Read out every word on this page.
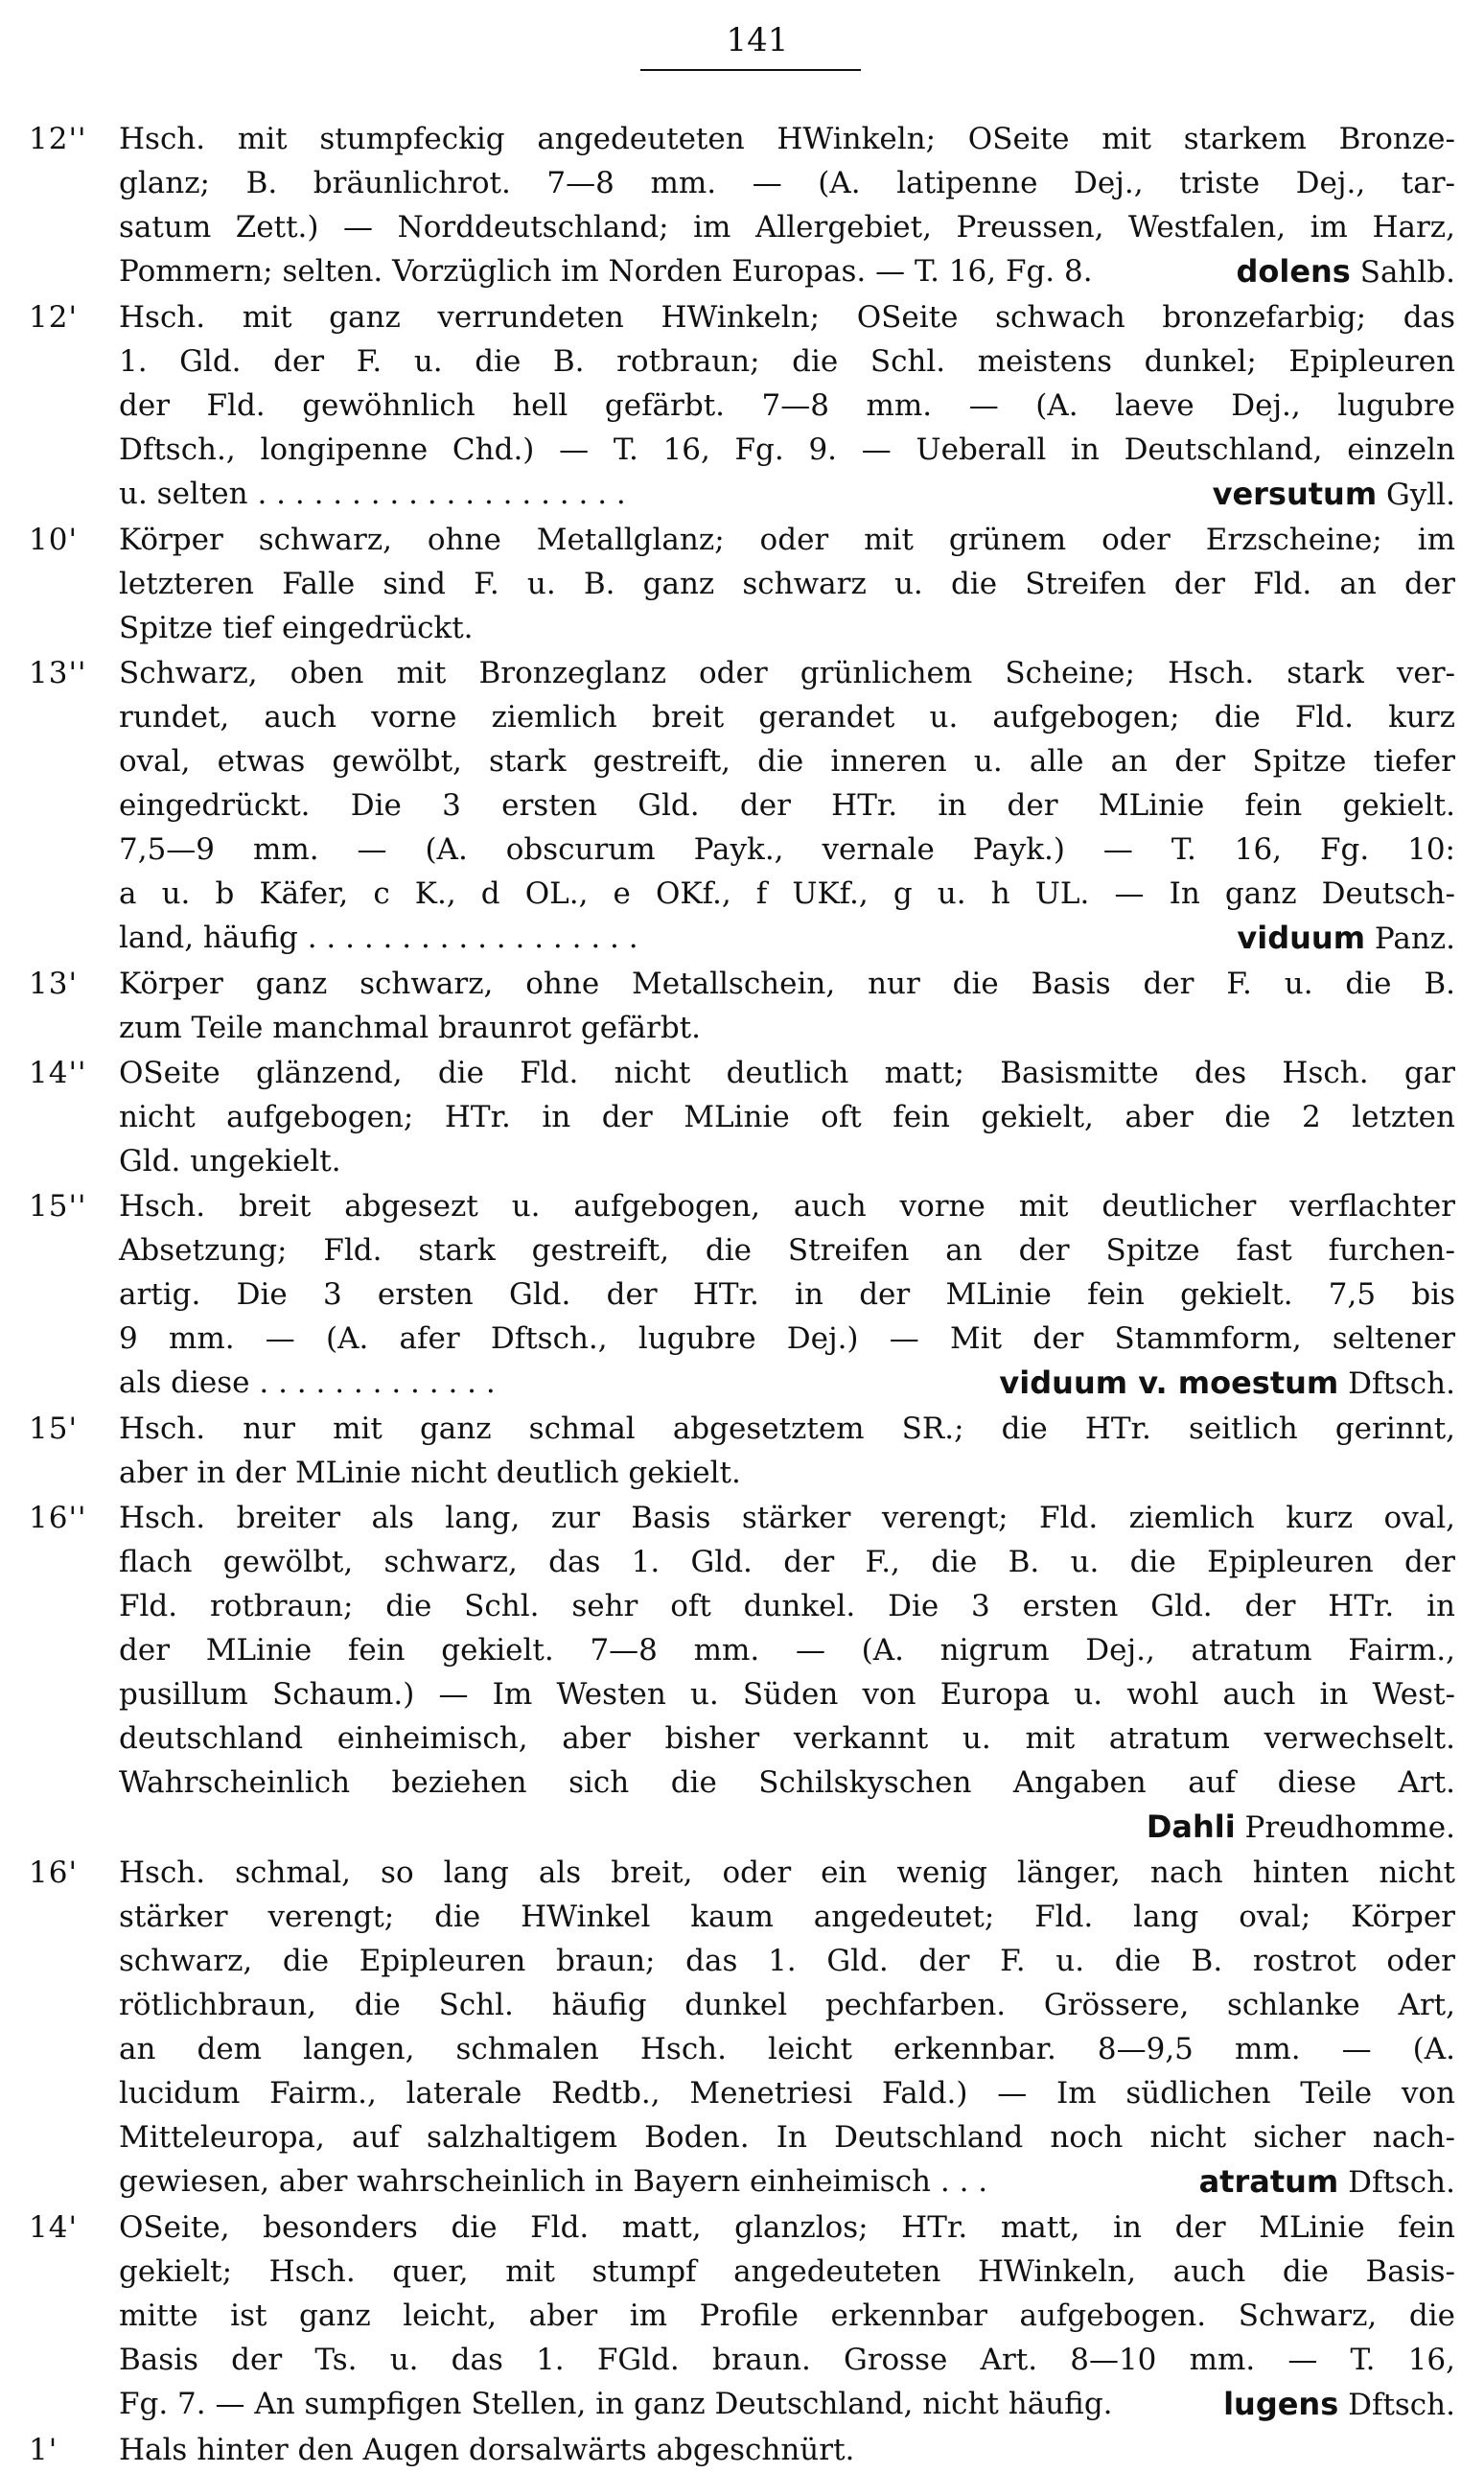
141
12''	Hsch. mit stumpfeckig angedeuteten HWinkeln; OSeite mit starkem Bronze-
glanz; B. bräunlichrot. 7—8 mm. — (A. latipenne Dej., triste Dej., tar-
satum Zett.) — Norddeutschland; im Allergebiet, Preussen, Westfalen, im Harz,
Pommern; selten. Vorzüglich im Norden Europas. — T. 16, Fg. 8.	dolens Sahlb.
12'	Hsch. mit ganz verrundeten HWinkeln; OSeite schwach bronzefarbig; das
1. Gld. der F. u. die B. rotbraun; die Schl. meistens dunkel; Epipleuren
der Fld. gewöhnlich hell gefärbt. 7—8 mm. — (A. laeve Dej., lugubre
Dftsch., longipenne Chd.) — T. 16, Fg. 9. — Ueberall in Deutschland, einzeln
u. selten . . . . . . . . . . . . . . . . . . . .	versutum Gyll.
10'	Körper schwarz, ohne Metallglanz; oder mit grünem oder Erzscheine; im
letzteren Falle sind F. u. B. ganz schwarz u. die Streifen der Fld. an der
Spitze tief eingedrückt.
13''	Schwarz, oben mit Bronzeglanz oder grünlichem Scheine; Hsch. stark ver-
rundet, auch vorne ziemlich breit gerandet u. aufgebogen; die Fld. kurz
oval, etwas gewölbt, stark gestreift, die inneren u. alle an der Spitze tiefer
eingedrückt. Die 3 ersten Gld. der HTr. in der MLinie fein gekielt.
7,5—9 mm. — (A. obscurum Payk., vernale Payk.) — T. 16, Fg. 10:
a u. b Käfer, c K., d OL., e OKf., f UKf., g u. h UL. — In ganz Deutsch-
land, häufig . . . . . . . . . . . . . . . . . .	viduum Panz.
13'	Körper ganz schwarz, ohne Metallschein, nur die Basis der F. u. die B.
zum Teile manchmal braunrot gefärbt.
14''	OSeite glänzend, die Fld. nicht deutlich matt; Basismitte des Hsch. gar
nicht aufgebogen; HTr. in der MLinie oft fein gekielt, aber die 2 letzten
Gld. ungekielt.
15''	Hsch. breit abgesezt u. aufgebogen, auch vorne mit deutlicher verflachter
Absetzung; Fld. stark gestreift, die Streifen an der Spitze fast furchen-
artig. Die 3 ersten Gld. der HTr. in der MLinie fein gekielt. 7,5 bis
9 mm. — (A. afer Dftsch., lugubre Dej.) — Mit der Stammform, seltener
als diese . . . . . . . . . . . . .	viduum v. moestum Dftsch.
15'	Hsch. nur mit ganz schmal abgesetztem SR.; die HTr. seitlich gerinnt,
aber in der MLinie nicht deutlich gekielt.
16''	Hsch. breiter als lang, zur Basis stärker verengt; Fld. ziemlich kurz oval,
flach gewölbt, schwarz, das 1. Gld. der F., die B. u. die Epipleuren der
Fld. rotbraun; die Schl. sehr oft dunkel. Die 3 ersten Gld. der HTr. in
der MLinie fein gekielt. 7—8 mm. — (A. nigrum Dej., atratum Fairm.,
pusillum Schaum.) — Im Westen u. Süden von Europa u. wohl auch in West-
deutschland einheimisch, aber bisher verkannt u. mit atratum verwechselt.
Wahrscheinlich beziehen sich die Schilskyschen Angaben auf diese Art.
Dahli Preudhomme.
16'	Hsch. schmal, so lang als breit, oder ein wenig länger, nach hinten nicht
stärker verengt; die HWinkel kaum angedeutet; Fld. lang oval; Körper
schwarz, die Epipleuren braun; das 1. Gld. der F. u. die B. rostrot oder
rötlichbraun, die Schl. häufig dunkel pechfarben. Grössere, schlanke Art,
an dem langen, schmalen Hsch. leicht erkennbar. 8—9,5 mm. — (A.
lucidum Fairm., laterale Redtb., Menetriesi Fald.) — Im südlichen Teile von
Mitteleuropa, auf salzhaltigem Boden. In Deutschland noch nicht sicher nach-
gewiesen, aber wahrscheinlich in Bayern einheimisch . . .	atratum Dftsch.
14'	OSeite, besonders die Fld. matt, glanzlos; HTr. matt, in der MLinie fein
gekielt; Hsch. quer, mit stumpf angedeuteten HWinkeln, auch die Basis-
mitte ist ganz leicht, aber im Profile erkennbar aufgebogen. Schwarz, die
Basis der Ts. u. das 1. FGld. braun. Grosse Art. 8—10 mm. — T. 16,
Fg. 7. — An sumpfigen Stellen, in ganz Deutschland, nicht häufig.	lugens Dftsch.
1'	Hals hinter den Augen dorsalwärts abgeschnürt.
